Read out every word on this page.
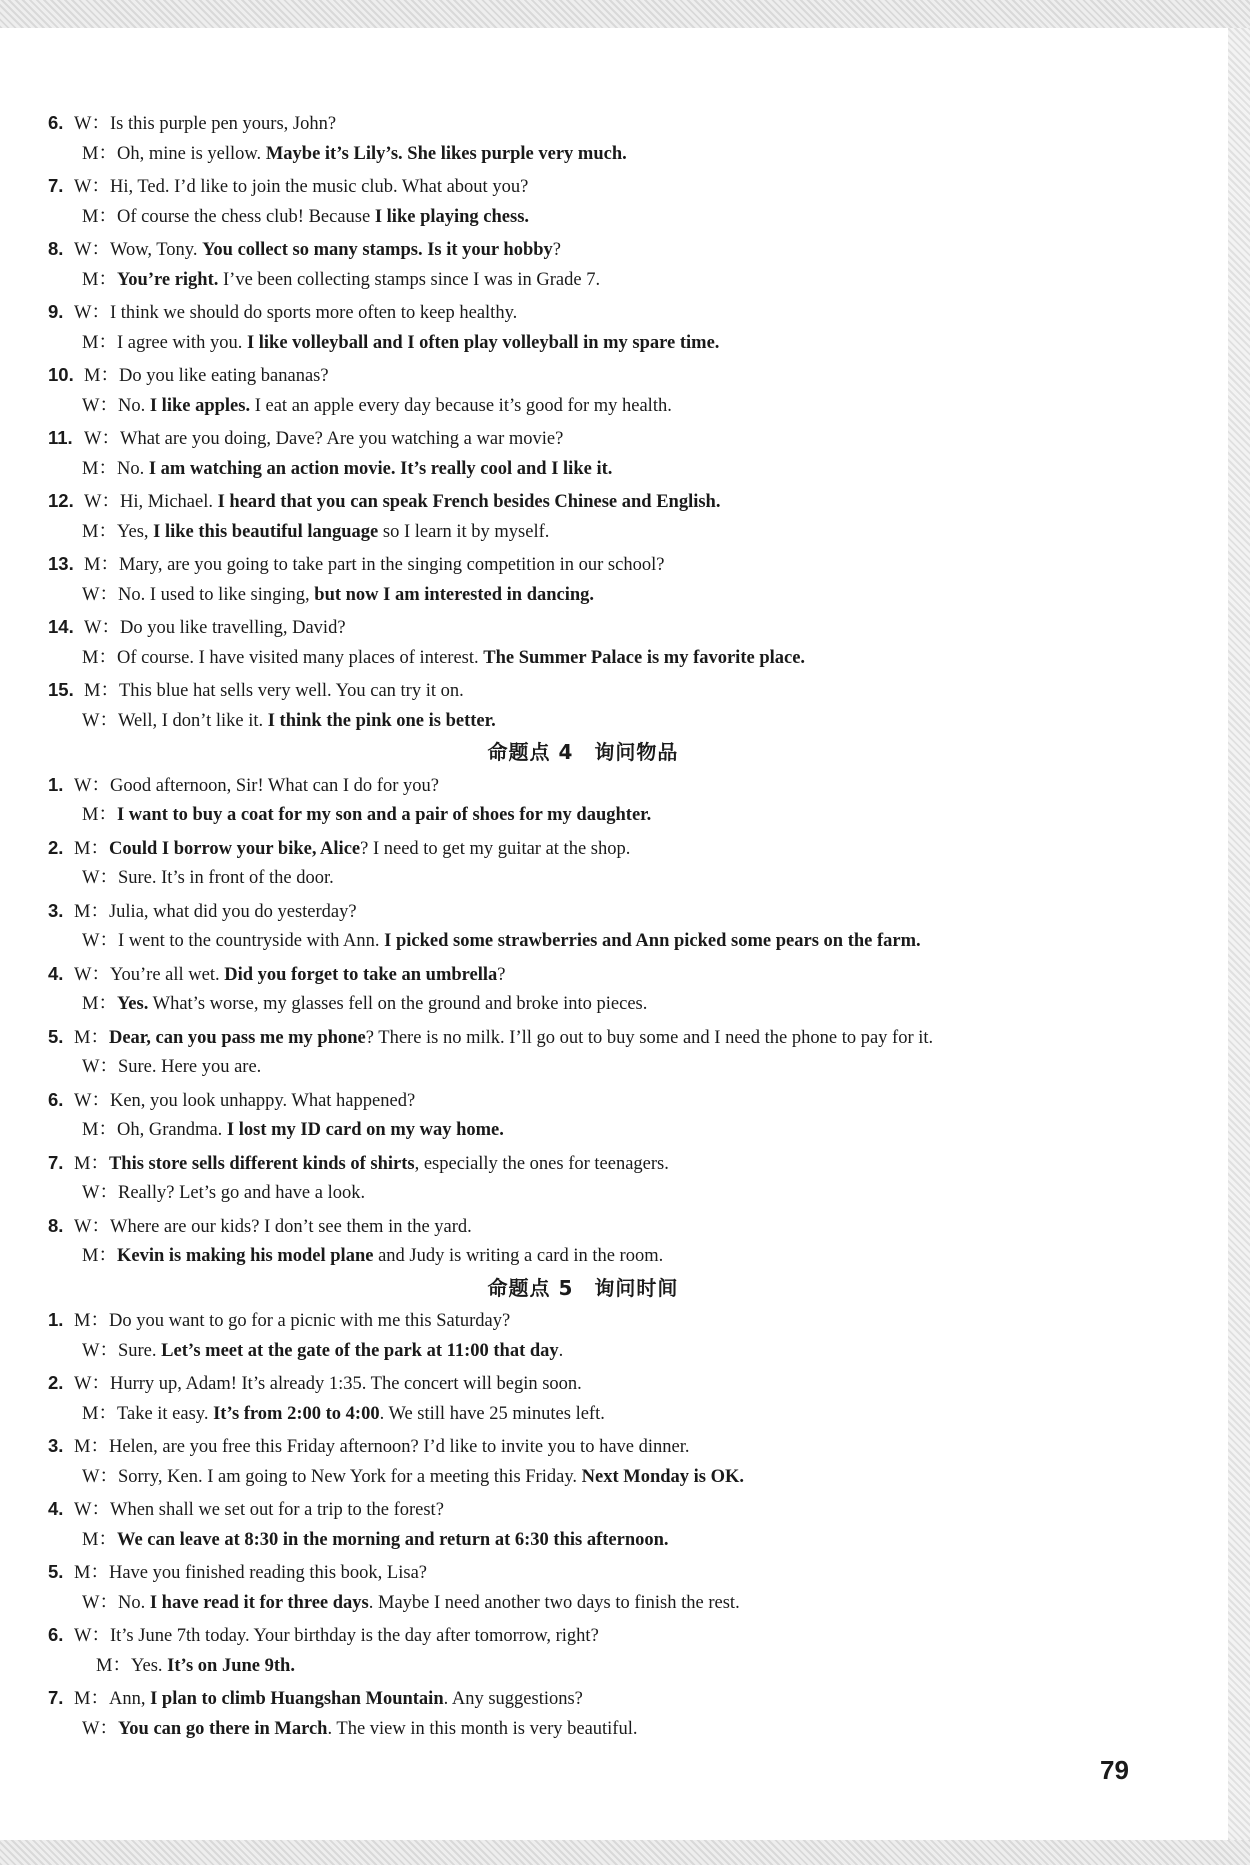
6. W：Is this purple pen yours, John?
M：Oh, mine is yellow. Maybe it’s Lily’s. She likes purple very much.
7. W：Hi, Ted. I’d like to join the music club. What about you?
M：Of course the chess club! Because I like playing chess.
8. W：Wow, Tony. You collect so many stamps. Is it your hobby?
M：You’re right. I’ve been collecting stamps since I was in Grade 7.
9. W：I think we should do sports more often to keep healthy.
M：I agree with you. I like volleyball and I often play volleyball in my spare time.
10. M：Do you like eating bananas?
W：No. I like apples. I eat an apple every day because it’s good for my health.
11. W：What are you doing, Dave? Are you watching a war movie?
M：No. I am watching an action movie. It’s really cool and I like it.
12. W：Hi, Michael. I heard that you can speak French besides Chinese and English.
M：Yes, I like this beautiful language so I learn it by myself.
13. M：Mary, are you going to take part in the singing competition in our school?
W：No. I used to like singing, but now I am interested in dancing.
14. W：Do you like travelling, David?
M：Of course. I have visited many places of interest. The Summer Palace is my favorite place.
15. M：This blue hat sells very well. You can try it on.
W：Well, I don’t like it. I think the pink one is better.
命题点 4　询问物品
1. W：Good afternoon, Sir! What can I do for you?
M：I want to buy a coat for my son and a pair of shoes for my daughter.
2. M：Could I borrow your bike, Alice? I need to get my guitar at the shop.
W：Sure. It’s in front of the door.
3. M：Julia, what did you do yesterday?
W：I went to the countryside with Ann. I picked some strawberries and Ann picked some pears on the farm.
4. W：You’re all wet. Did you forget to take an umbrella?
M：Yes. What’s worse, my glasses fell on the ground and broke into pieces.
5. M：Dear, can you pass me my phone? There is no milk. I’ll go out to buy some and I need the phone to pay for it.
W：Sure. Here you are.
6. W：Ken, you look unhappy. What happened?
M：Oh, Grandma. I lost my ID card on my way home.
7. M：This store sells different kinds of shirts, especially the ones for teenagers.
W：Really? Let’s go and have a look.
8. W：Where are our kids? I don’t see them in the yard.
M：Kevin is making his model plane and Judy is writing a card in the room.
命题点 5　询问时间
1. M：Do you want to go for a picnic with me this Saturday?
W：Sure. Let’s meet at the gate of the park at 11:00 that day.
2. W：Hurry up, Adam! It’s already 1:35. The concert will begin soon.
M：Take it easy. It’s from 2:00 to 4:00. We still have 25 minutes left.
3. M：Helen, are you free this Friday afternoon? I’d like to invite you to have dinner.
W：Sorry, Ken. I am going to New York for a meeting this Friday. Next Monday is OK.
4. W：When shall we set out for a trip to the forest?
M：We can leave at 8:30 in the morning and return at 6:30 this afternoon.
5. M：Have you finished reading this book, Lisa?
W：No. I have read it for three days. Maybe I need another two days to finish the rest.
6. W：It’s June 7th today. Your birthday is the day after tomorrow, right?
M：Yes. It’s on June 9th.
7. M：Ann, I plan to climb Huangshan Mountain. Any suggestions?
W：You can go there in March. The view in this month is very beautiful.
79
